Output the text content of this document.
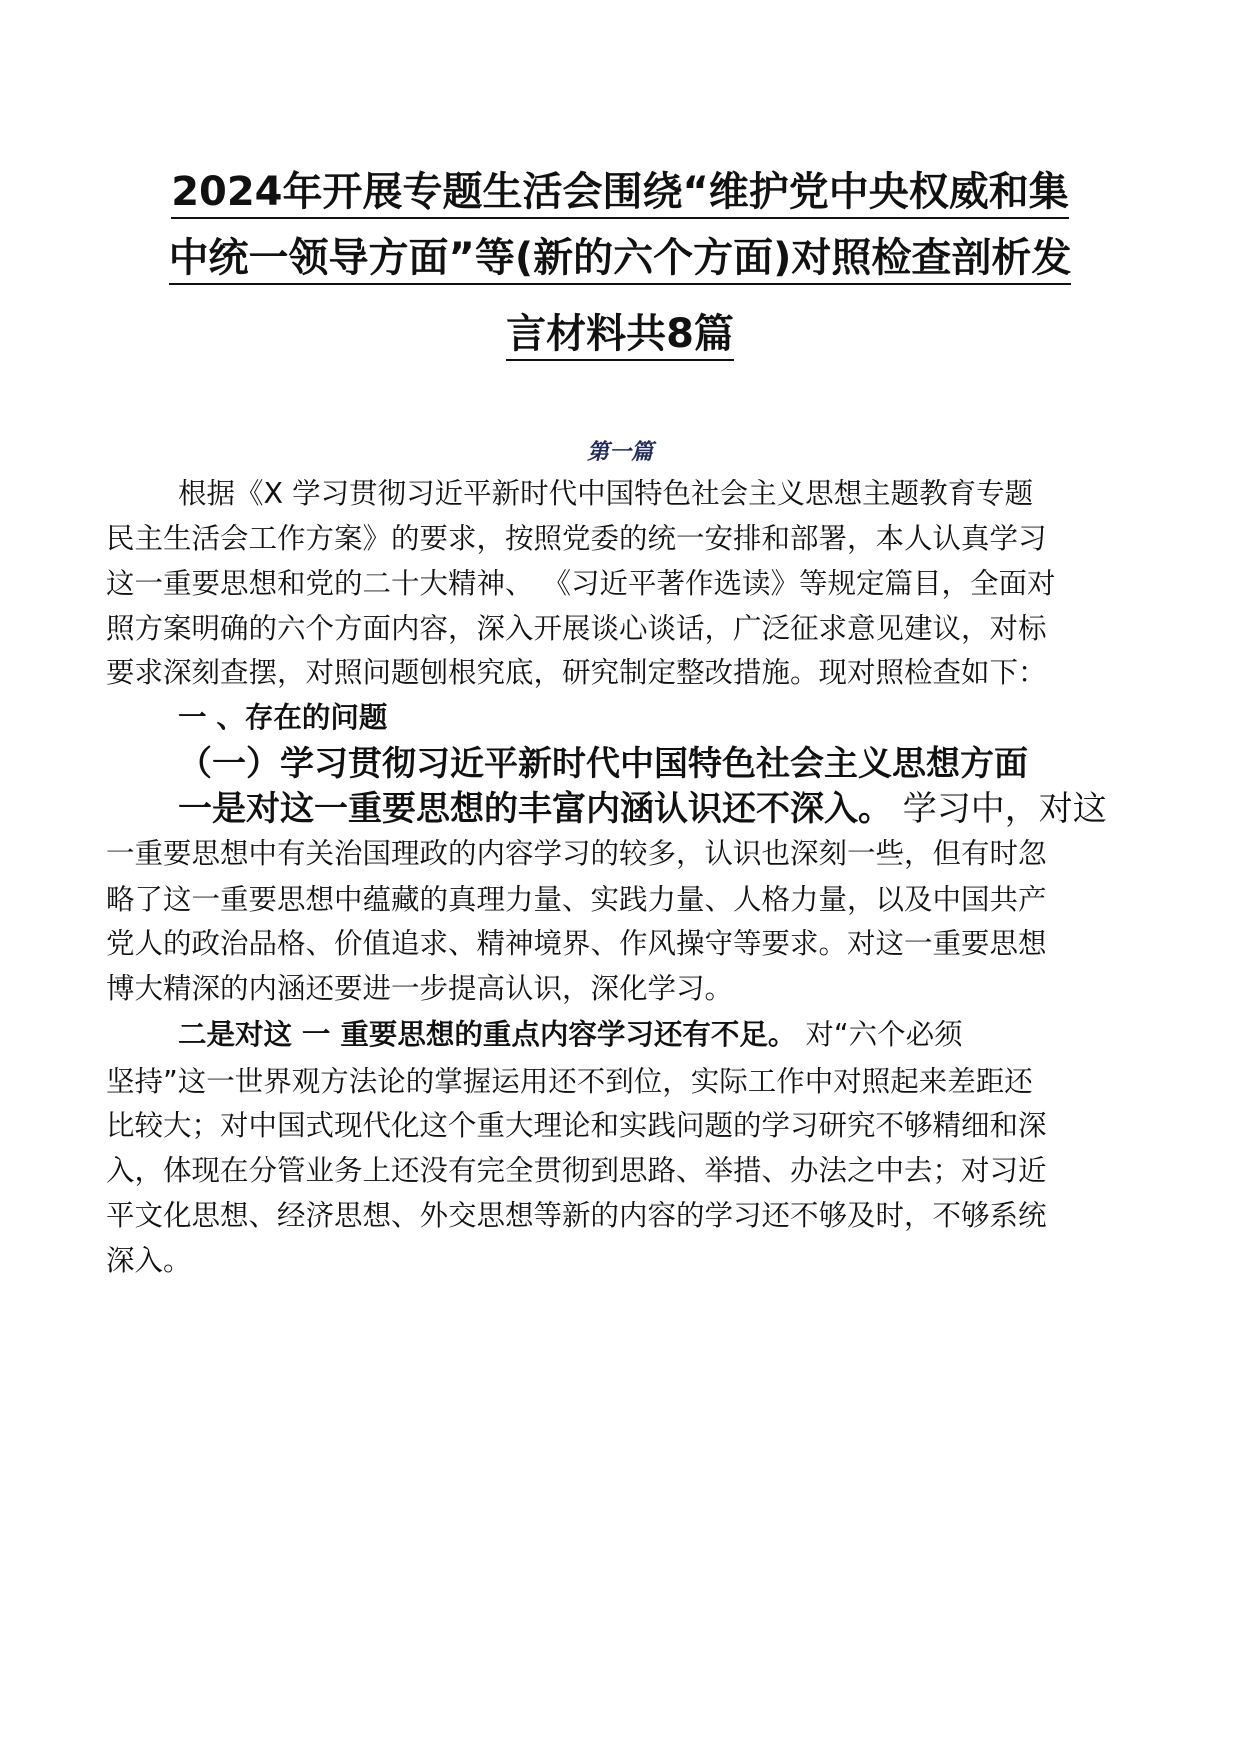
2024年开展专题生活会围绕“维护党中央权威和集
中统一领导方面”等(新的六个方面)对照检查剖析发
言材料共8篇
第一篇
根据《X 学习贯彻习近平新时代中国特色社会主义思想主题教育专题
民主生活会工作方案》的要求，按照党委的统一安排和部署，本人认真学习
这一重要思想和党的二十大精神、 《习近平著作选读》等规定篇目，全面对
照方案明确的六个方面内容，深入开展谈心谈话，广泛征求意见建议，对标
要求深刻查摆，对照问题刨根究底，研究制定整改措施。现对照检查如下：
一 、存在的问题
（一）学习贯彻习近平新时代中国特色社会主义思想方面
一是对这一重要思想的丰富内涵认识还不深入。 学习中，对这
一重要思想中有关治国理政的内容学习的较多，认识也深刻一些，但有时忽
略了这一重要思想中蕴藏的真理力量、实践力量、人格力量，以及中国共产
党人的政治品格、价值追求、精神境界、作风操守等要求。对这一重要思想
博大精深的内涵还要进一步提高认识，深化学习。
二是对这 一 重要思想的重点内容学习还有不足。 对“六个必须
坚持”这一世界观方法论的掌握运用还不到位，实际工作中对照起来差距还
比较大；对中国式现代化这个重大理论和实践问题的学习研究不够精细和深
入，体现在分管业务上还没有完全贯彻到思路、举措、办法之中去；对习近
平文化思想、经济思想、外交思想等新的内容的学习还不够及时，不够系统
深入。
